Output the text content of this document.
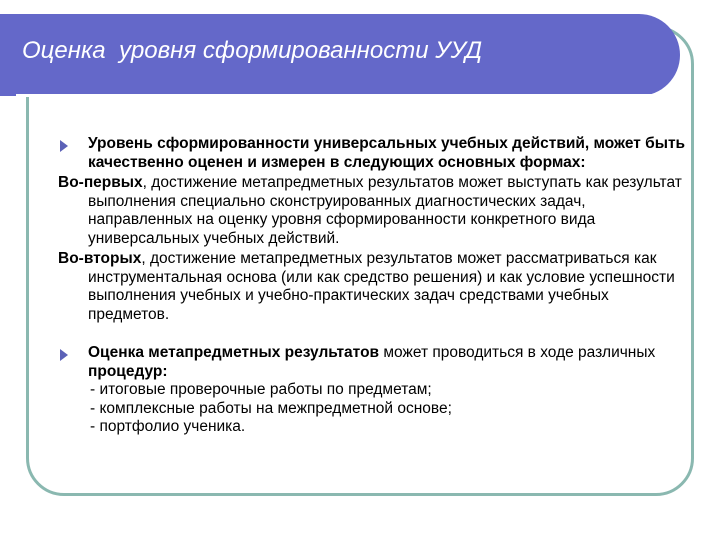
Оценка  уровня сформированности УУД
Уровень сформированности универсальных учебных действий, может быть качественно оценен и измерен в следующих основных формах:
Во-первых, достижение метапредметных результатов может выступать как результат выполнения специально сконструированных диагностических задач, направленных на оценку уровня сформированности конкретного вида универсальных учебных действий.
Во-вторых, достижение метапредметных результатов может рассматриваться как инструментальная основа (или как средство решения) и как условие успешности выполнения учебных и учебно-практических задач средствами учебных предметов.
Оценка метапредметных результатов может проводиться в ходе различных процедур:
- итоговые проверочные работы по предметам;
- комплексные работы на межпредметной основе;
- портфолио ученика.
